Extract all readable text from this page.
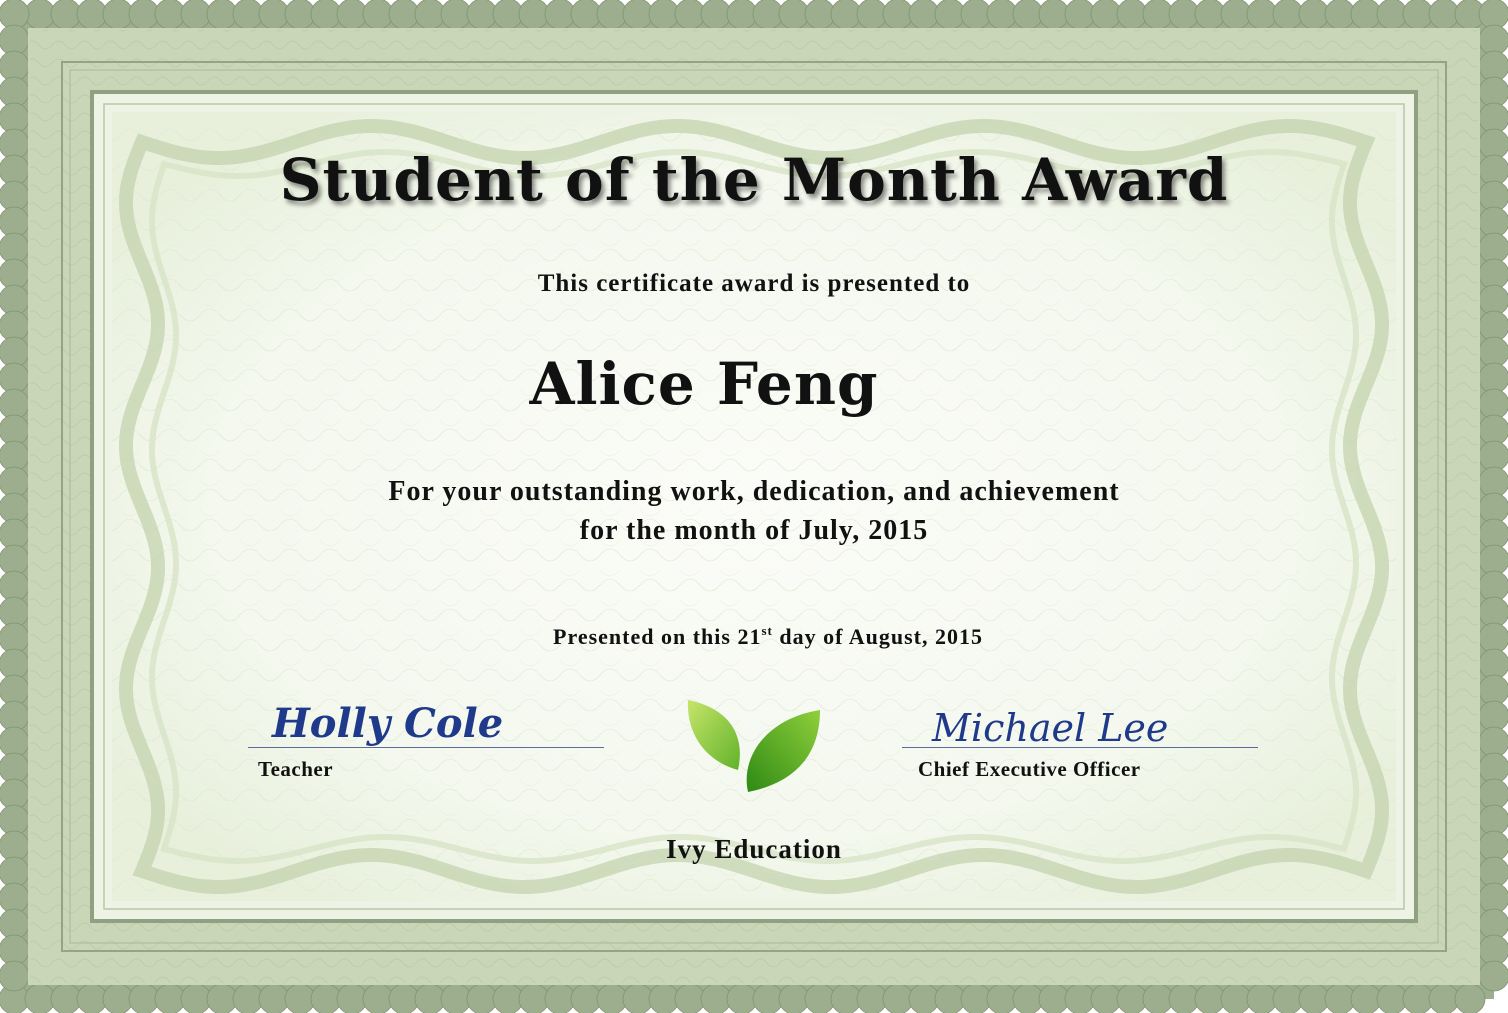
Student of the Month Award
This certificate award is presented to
Alice Feng
For your outstanding work, dedication, and achievement
for the month of July, 2015
Presented on this 21st day of August, 2015
Holly Cole
Teacher
Michael Lee
Chief Executive Officer
Ivy Education
